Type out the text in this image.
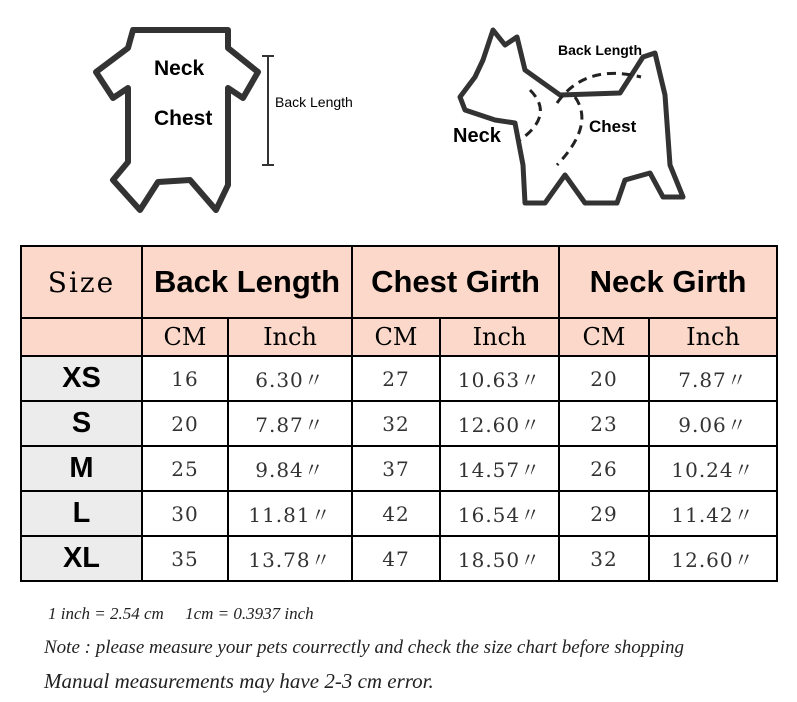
Neck
Chest
Back Length
Back Length
Neck	Chest
Size	Back Length		Chest Girth		Neck Girth	
	CM	Inch	CM	Inch	CM	Inch
XS	16	6.30〃	27	10.63〃	20	7.87〃
S	20	7.87〃	32	12.60〃	23	9.06〃
M	25	9.84〃	37	14.57〃	26	10.24〃
L	30	11.81〃	42	16.54〃	29	11.42〃
XL	35	13.78〃	47	18.50〃	32	12.60〃
1 inch = 2.54 cm     1cm = 0.3937 inch
Note : please measure your pets courrectly and check the size chart before shopping
Manual measurements may have 2-3 cm error.
